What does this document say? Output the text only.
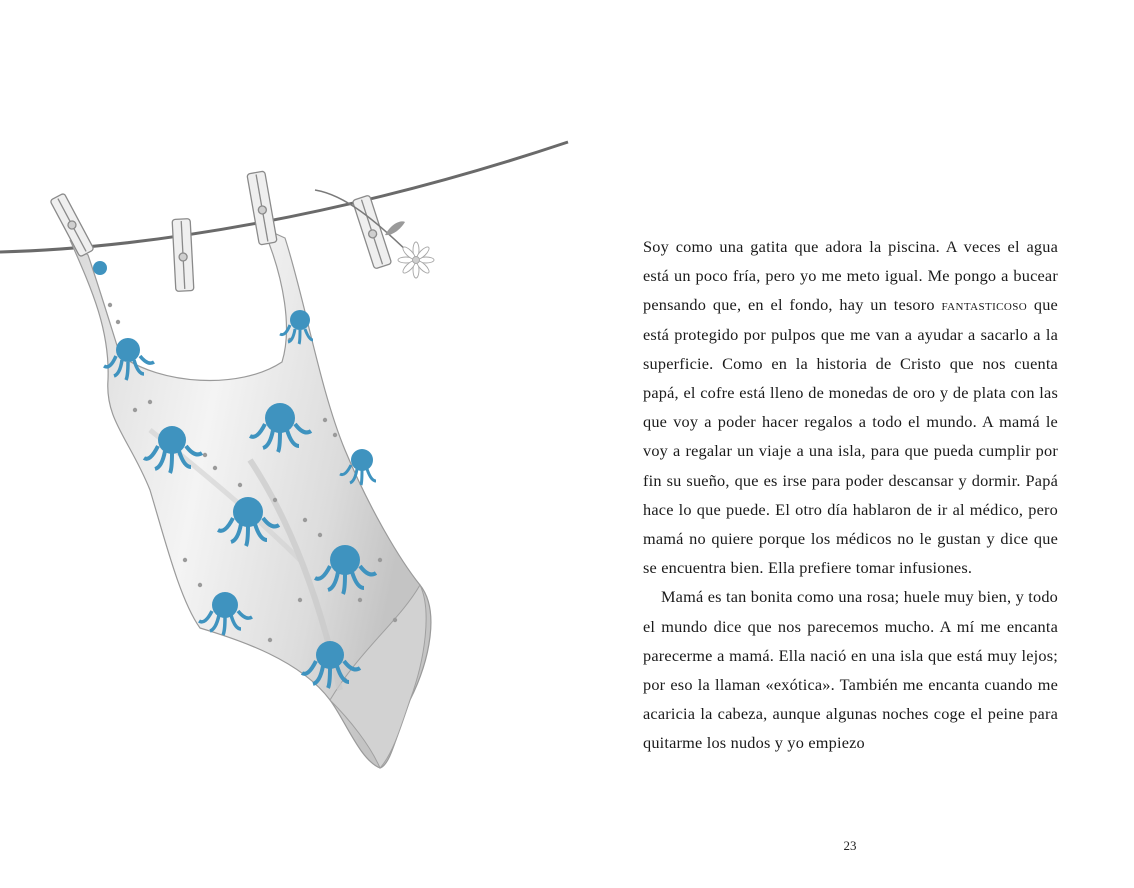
Soy como una gatita que adora la piscina. A veces el agua está un poco fría, pero yo me meto igual. Me pongo a bucear pensando que, en el fondo, hay un tesoro fantasticoso que está protegido por pulpos que me van a ayudar a sacarlo a la superficie. Como en la historia de Cristo que nos cuenta papá, el cofre está lleno de monedas de oro y de plata con las que voy a poder hacer regalos a todo el mundo. A mamá le voy a regalar un viaje a una isla, para que pueda cumplir por fin su sueño, que es irse para poder descansar y dormir. Papá hace lo que puede. El otro día hablaron de ir al médico, pero mamá no quiere porque los médicos no le gustan y dice que se encuentra bien. Ella prefiere tomar infusiones.

Mamá es tan bonita como una rosa; huele muy bien, y todo el mundo dice que nos parecemos mucho. A mí me encanta parecerme a mamá. Ella nació en una isla que está muy lejos; por eso la llaman «exótica». También me encanta cuando me acaricia la cabeza, aunque algunas noches coge el peine para quitarme los nudos y yo empiezo

23
